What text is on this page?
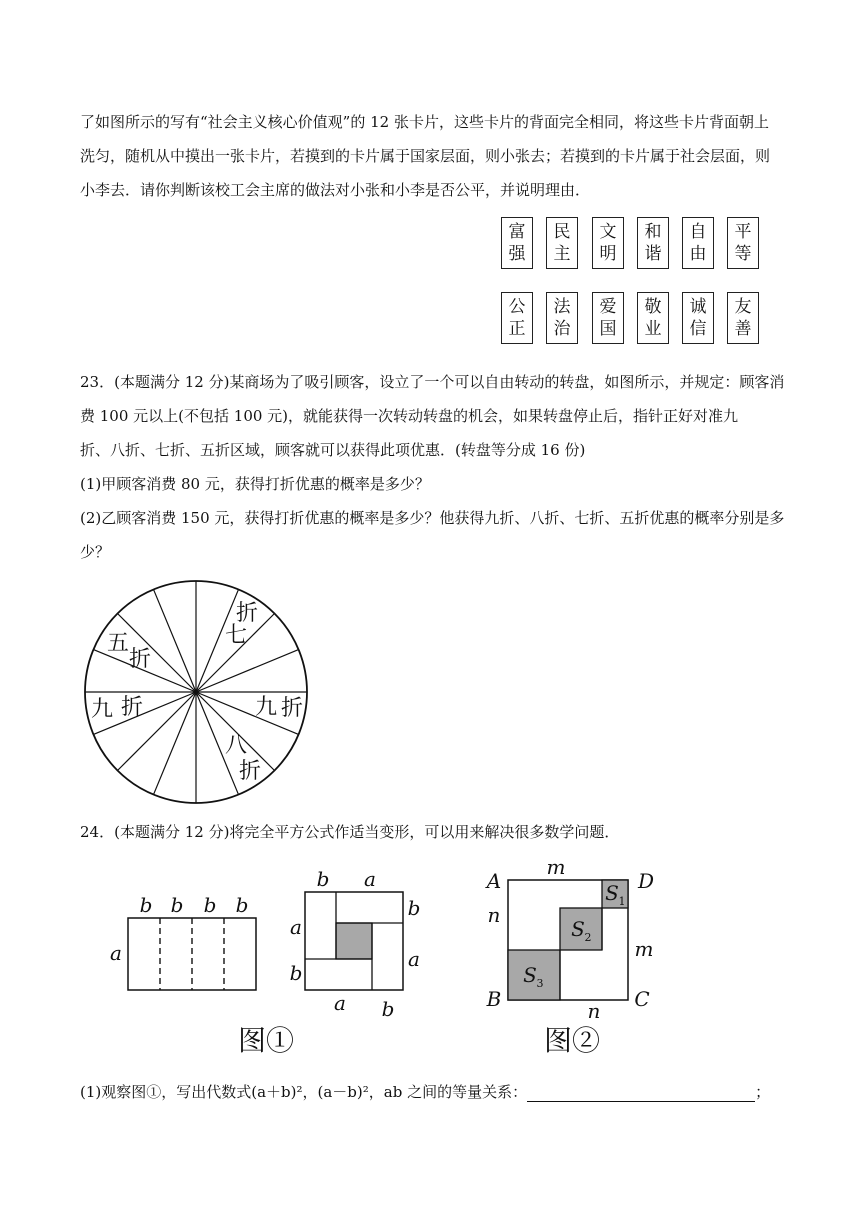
了如图所示的写有“社会主义核心价值观”的 12 张卡片，这些卡片的背面完全相同，将这些卡片背面朝上
洗匀，随机从中摸出一张卡片，若摸到的卡片属于国家层面，则小张去；若摸到的卡片属于社会层面，则
小李去．请你判断该校工会主席的做法对小张和小李是否公平，并说明理由．
富
强
民
主
文
明
和
谐
自
由
平
等
公
正
法
治
爱
国
敬
业
诚
信
友
善
23．(本题满分 12 分)某商场为了吸引顾客，设立了一个可以自由转动的转盘，如图所示，并规定：顾客消
费 100 元以上(不包括 100 元)，就能获得一次转动转盘的机会，如果转盘停止后，指针正好对准九
折、八折、七折、五折区域，顾客就可以获得此项优惠．(转盘等分成 16 份)
(1)甲顾客消费 80 元，获得打折优惠的概率是多少？
(2)乙顾客消费 150 元，获得打折优惠的概率是多少？他获得九折、八折、七折、五折优惠的概率分别是多
少？
折
七
五
折
九 折	九 折
八
折
24．(本题满分 12 分)将完全平方公式作适当变形，可以用来解决很多数学问题．
b b b b
a
b a
b
a
a
b
a b
图①
A	D
B	C
m
n
m
n
S
S
S
1
2
3
图②
(1)观察图①，写出代数式(a＋b)²，(a－b)²，ab 之间的等量关系：	；
